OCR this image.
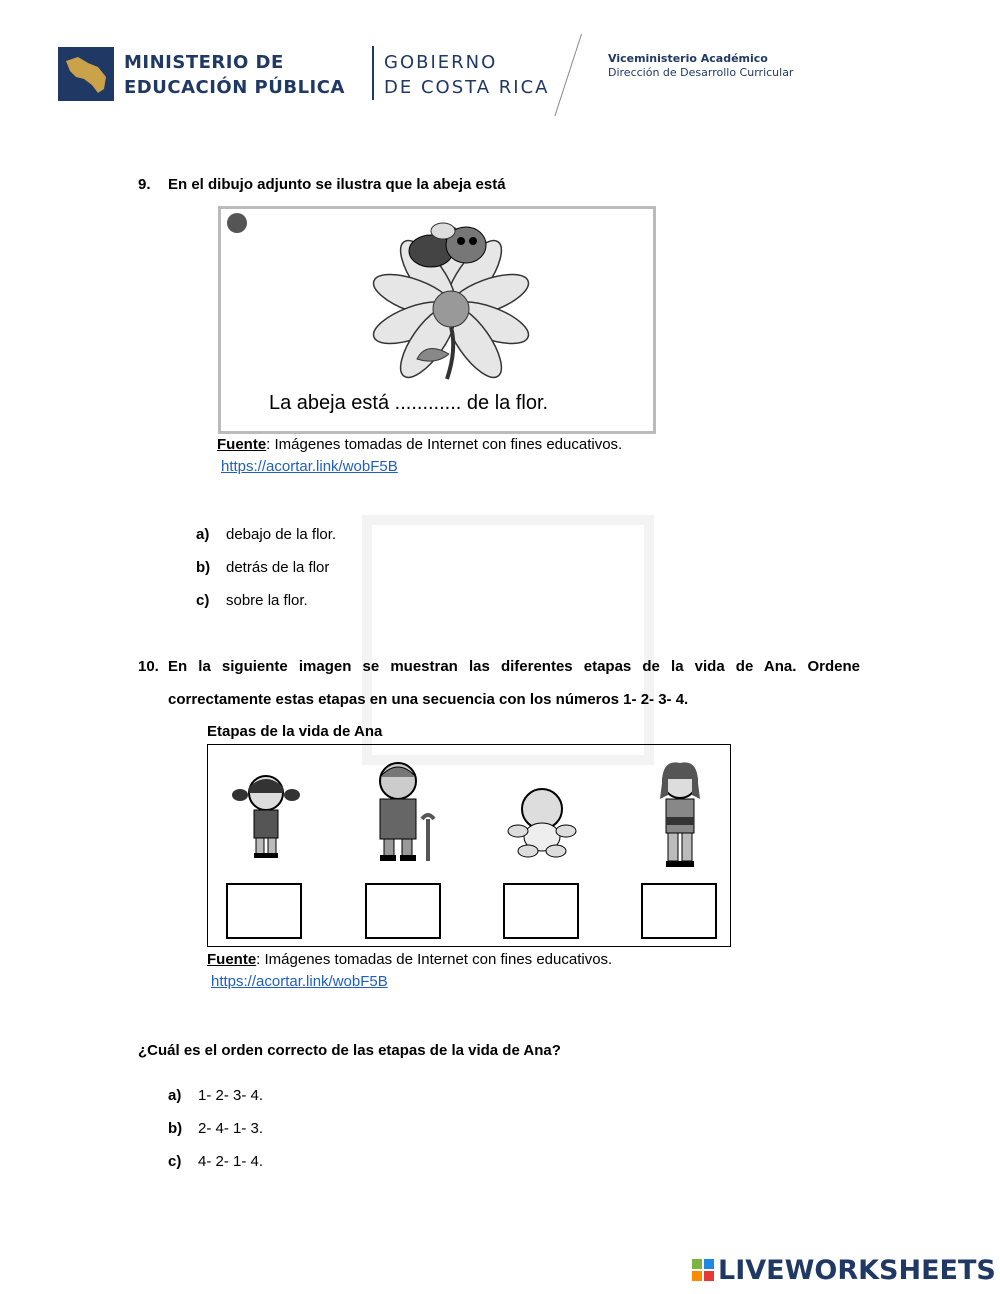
MINISTERIO DE
EDUCACIÓN PÚBLICA
GOBIERNO
DE COSTA RICA
Viceministerio Académico
Dirección de Desarrollo Curricular
9. En el dibujo adjunto se ilustra que la abeja está
La abeja está ............ de la flor.
Fuente: Imágenes tomadas de Internet con fines educativos.
https://acortar.link/wobF5B
a) debajo de la flor.
b) detrás de la flor
c) sobre la flor.
10. En la siguiente imagen se muestran las diferentes etapas de la vida de Ana. Ordene
correctamente estas etapas en una secuencia con los números 1- 2- 3- 4.
Etapas de la vida de Ana
Fuente: Imágenes tomadas de Internet con fines educativos.
https://acortar.link/wobF5B
¿Cuál es el orden correcto de las etapas de la vida de Ana?
a) 1- 2- 3- 4.
b) 2- 4- 1- 3.
c) 4- 2- 1- 4.
LIVEWORKSHEETS
